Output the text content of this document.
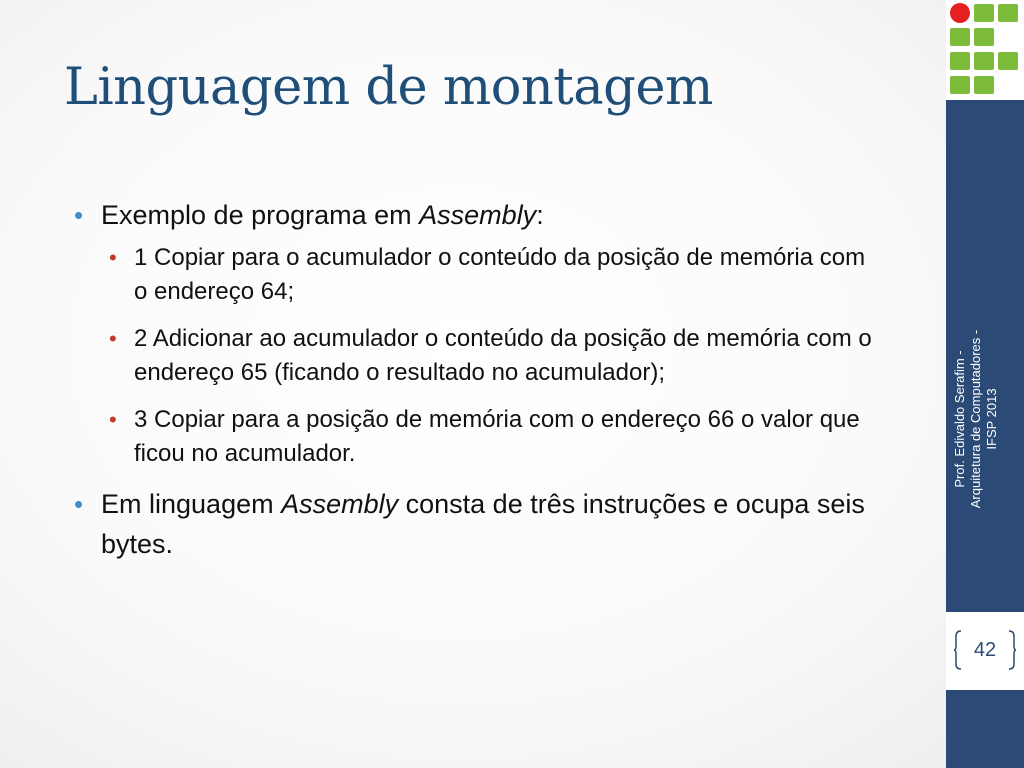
Linguagem de montagem
• Exemplo de programa em Assembly:
• 1 Copiar para o acumulador o conteúdo da posição de memória com o endereço 64;
• 2 Adicionar ao acumulador o conteúdo da posição de memória com o endereço 65 (ficando o resultado no acumulador);
• 3 Copiar para a posição de memória com o endereço 66 o valor que ficou no acumulador.
• Em linguagem Assembly consta de três instruções e ocupa seis bytes.
Prof. Edivaldo Serafim - Arquitetura de Computadores - IFSP 2013
42
